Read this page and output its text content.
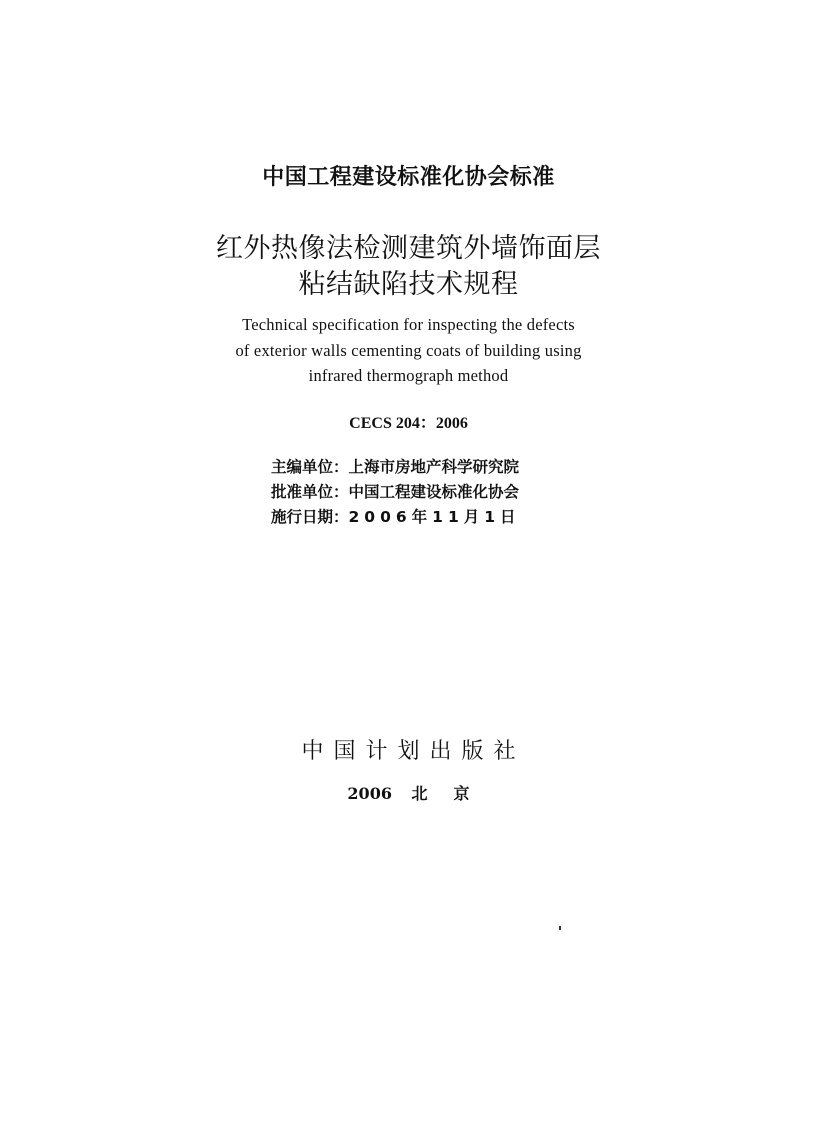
中国工程建设标准化协会标准
红外热像法检测建筑外墙饰面层
粘结缺陷技术规程
Technical specification for inspecting the defects
of exterior walls cementing coats of building using
infrared thermograph method
CECS 204：2006
主编单位：上海市房地产科学研究院
批准单位：中国工程建设标准化协会
施行日期：2006年11月1日
中国计划出版社
2006 北 京
